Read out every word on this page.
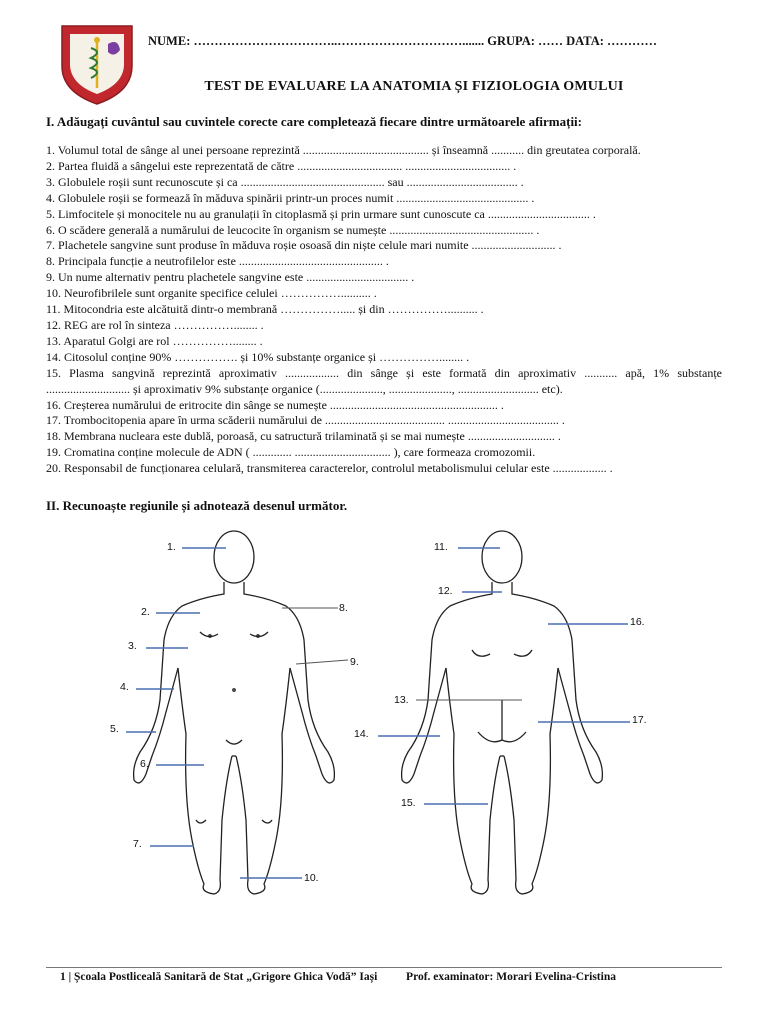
NUME: ……………………………..…………………………....... GRUPA: …… DATA: …………
TEST DE EVALUARE LA ANATOMIA ȘI FIZIOLOGIA OMULUI
I. Adăugați cuvântul sau cuvintele corecte care completează fiecare dintre următoarele afirmații:
1. Volumul total de sânge al unei persoane reprezintă .......................................... și înseamnă ........... din greutatea corporală.
2. Partea fluidă a sângelui este reprezentată de către ................................... ................................... .
3. Globulele roșii sunt recunoscute și ca ................................................ sau ..................................... .
4. Globulele roșii se formează în măduva spinării printr-un proces numit ............................................ .
5. Limfocitele și monocitele nu au granulații în citoplasmă și prin urmare sunt cunoscute ca .................................. .
6. O scădere generală a numărului de leucocite în organism se numește ................................................ .
7. Plachetele sangvine sunt produse în măduva roșie osoasă din niște celule mari numite ............................ .
8. Principala funcție a neutrofilelor este ................................................ .
9. Un nume alternativ pentru plachetele sangvine este .................................. .
10. Neurofibrilele sunt organite specifice celulei …………….......... .
11. Mitocondria este alcătuită dintr-o membrană ……………..... și din …………….......... .
12. REG are rol în sinteza ……………........ .
13. Aparatul Golgi are rol ……………........ .
14. Citosolul conține 90% ……………. și 10% substanțe organice și ……………........ .
15. Plasma sangvină reprezintă aproximativ .................. din sânge și este formată din aproximativ ........... apă, 1% substanțe ............................ și aproximativ 9% substanțe organice (....................., ....................., ........................... etc).
16. Creșterea numărului de eritrocite din sânge se numește ........................................................ .
17. Trombocitopenia apare în urma scăderii numărului de ........................................ ..................................... .
18. Membrana nucleara este dublă, poroasă, cu satructură trilaminată și se mai numește ............................. .
19. Cromatina conține molecule de ADN ( ............. ................................ ), care formeaza cromozomii.
20. Responsabil de funcționarea celulară, transmiterea caracterelor, controlul metabolismului celular este .................. .
II. Recunoaște regiunile și adnotează desenul următor.
1.
2.
3.
4.
5.
6.
7.
8.
9.
10.
11.
12.
13.
14.
15.
16.
17.
1 | Școala Postliceală Sanitară de Stat „Grigore Ghica Vodă” Iași          Prof. examinator: Morari Evelina-Cristina
